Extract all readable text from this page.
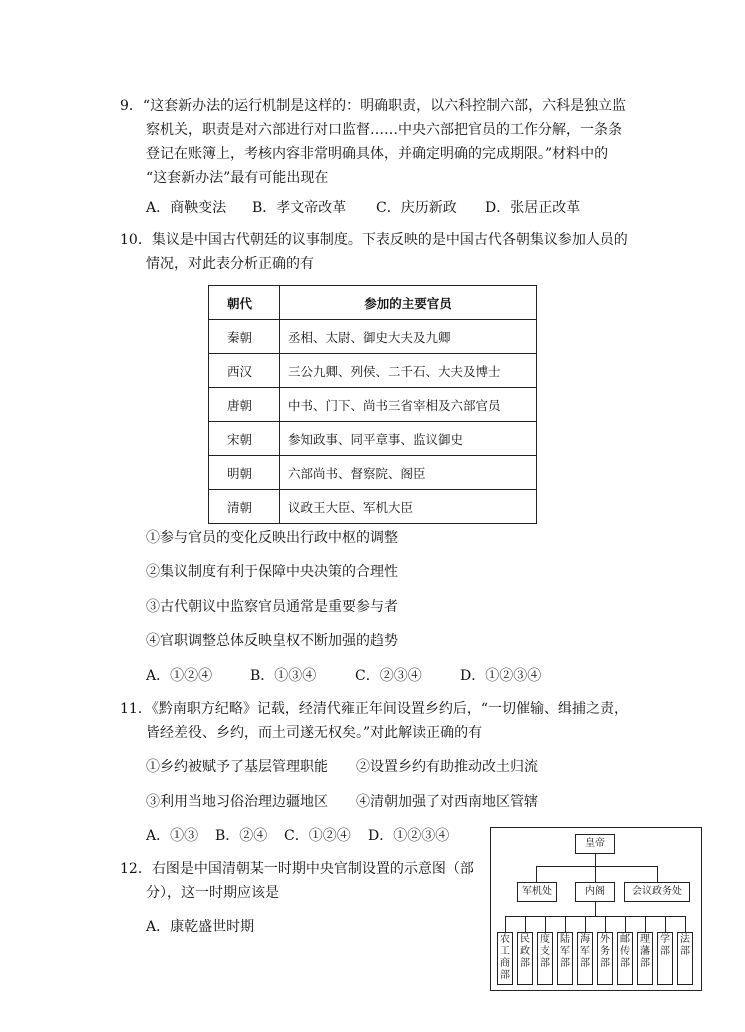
9．“这套新办法的运行机制是这样的：明确职责，以六科控制六部，六科是独立监
察机关，职责是对六部进行对口监督……中央六部把官员的工作分解，一条条
登记在账簿上，考核内容非常明确具体，并确定明确的完成期限。”材料中的
“这套新办法”最有可能出现在
A．商鞅变法 B．孝文帝改革 C．庆历新政 D．张居正改革
10．集议是中国古代朝廷的议事制度。下表反映的是中国古代各朝集议参加人员的
情况，对此表分析正确的有
朝代	参加的主要官员
秦朝	丞相、太尉、御史大夫及九卿
西汉	三公九卿、列侯、二千石、大夫及博士
唐朝	中书、门下、尚书三省宰相及六部官员
宋朝	参知政事、同平章事、监议御史
明朝	六部尚书、督察院、阁臣
清朝	议政王大臣、军机大臣
①参与官员的变化反映出行政中枢的调整
②集议制度有利于保障中央决策的合理性
③古代朝议中监察官员通常是重要参与者
④官职调整总体反映皇权不断加强的趋势
A．①②④	B．①③④	C．②③④	D．①②③④
11．《黔南职方纪略》记载，经清代雍正年间设置乡约后，“一切催输、缉捕之责，
皆经差役、乡约，而土司遂无权矣。”对此解读正确的有
①乡约被赋予了基层管理职能 ②设置乡约有助推动改土归流
③利用当地习俗治理边疆地区 ④清朝加强了对西南地区管辖
A．①③ B．②④ C．①②④ D．①②③④
12．右图是中国清朝某一时期中央官制设置的示意图（部
分），这一时期应该是
A．康乾盛世时期
皇帝
军机处	内阁	会议政务处
农工商部
民政部
度支部
陆军部
海军部
外务部
邮传部
理藩部
学部
法部
